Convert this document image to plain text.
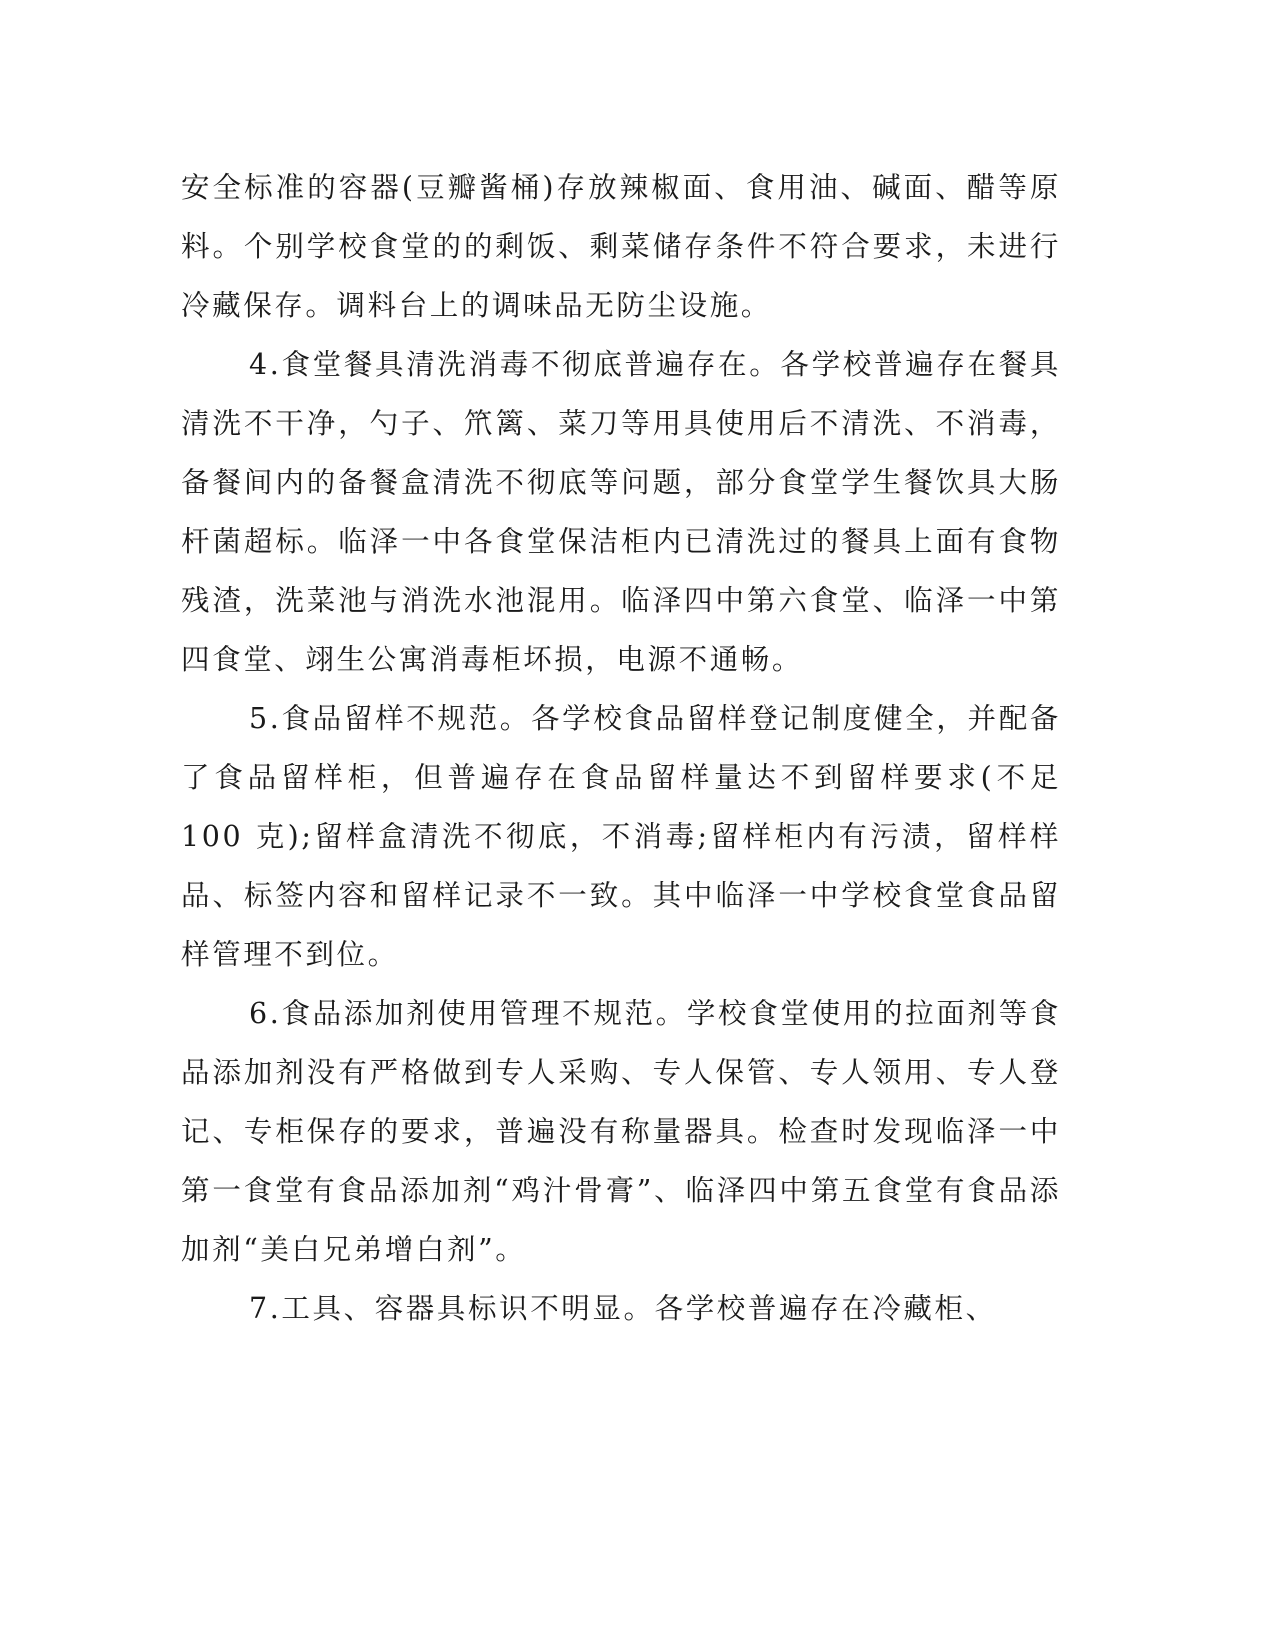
安全标准的容器(豆瓣酱桶)存放辣椒面、食用油、碱面、醋等原料。个别学校食堂的的剩饭、剩菜储存条件不符合要求，未进行冷藏保存。调料台上的调味品无防尘设施。

4.食堂餐具清洗消毒不彻底普遍存在。各学校普遍存在餐具清洗不干净，勺子、笊篱、菜刀等用具使用后不清洗、不消毒，备餐间内的备餐盒清洗不彻底等问题，部分食堂学生餐饮具大肠杆菌超标。临泽一中各食堂保洁柜内已清洗过的餐具上面有食物残渣，洗菜池与消洗水池混用。临泽四中第六食堂、临泽一中第四食堂、翊生公寓消毒柜坏损，电源不通畅。

5.食品留样不规范。各学校食品留样登记制度健全，并配备了食品留样柜，但普遍存在食品留样量达不到留样要求(不足 100 克);留样盒清洗不彻底，不消毒;留样柜内有污渍，留样样品、标签内容和留样记录不一致。其中临泽一中学校食堂食品留样管理不到位。

6.食品添加剂使用管理不规范。学校食堂使用的拉面剂等食品添加剂没有严格做到专人采购、专人保管、专人领用、专人登记、专柜保存的要求，普遍没有称量器具。检查时发现临泽一中第一食堂有食品添加剂“鸡汁骨膏”、临泽四中第五食堂有食品添加剂“美白兄弟增白剂”。

7.工具、容器具标识不明显。各学校普遍存在冷藏柜、
